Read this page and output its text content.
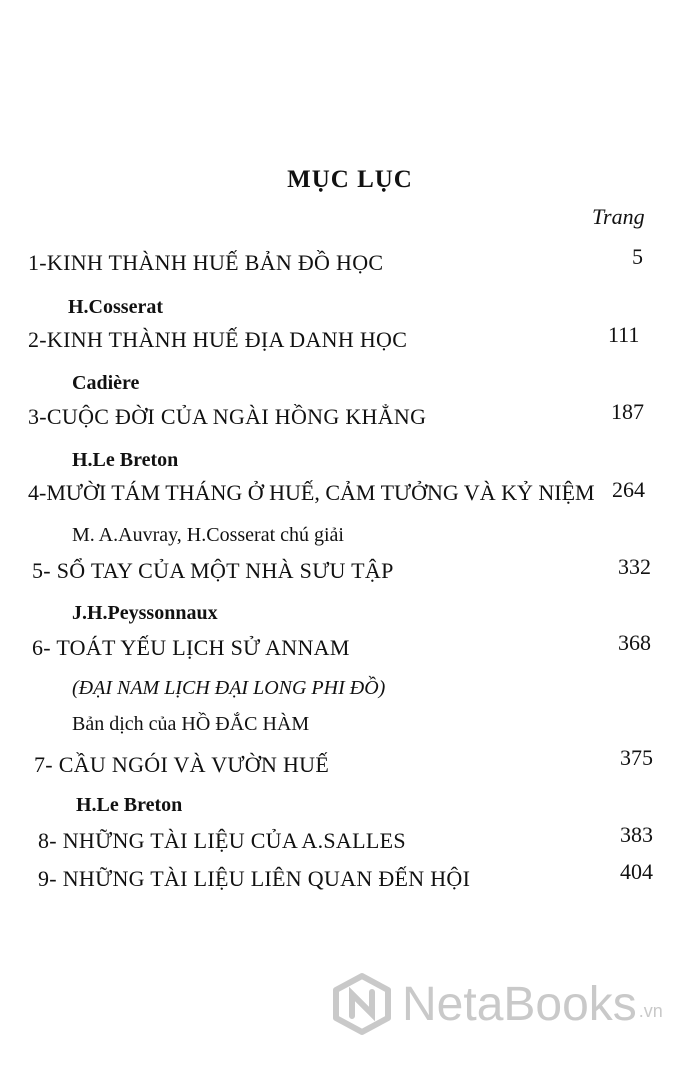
MỤC LỤC
Trang
1-KINH THÀNH HUẾ BẢN ĐỒ HỌC	5
H.Cosserat
2-KINH THÀNH HUẾ ĐỊA DANH HỌC	111
Cadière
3-CUỘC ĐỜI CỦA NGÀI HỒNG KHẲNG	187
H.Le Breton
4-MƯỜI TÁM THÁNG Ở HUẾ, CẢM TƯỞNG VÀ KỶ NIỆM 264
M. A.Auvray, H.Cosserat chú giải
5- SỔ TAY CỦA MỘT NHÀ SƯU TẬP	332
J.H.Peyssonnaux
6- TOÁT YẾU LỊCH SỬ ANNAM	368
(ĐẠI NAM LỊCH ĐẠI LONG PHI ĐỒ)
Bản dịch của HỒ ĐẮC HÀM
7- CẦU NGÓI VÀ VƯỜN HUẾ	375
H.Le Breton
8- NHỮNG TÀI LIỆU CỦA A.SALLES	383
9- NHỮNG TÀI LIỆU LIÊN QUAN ĐẾN HỘI	404
NetaBooks .vn
